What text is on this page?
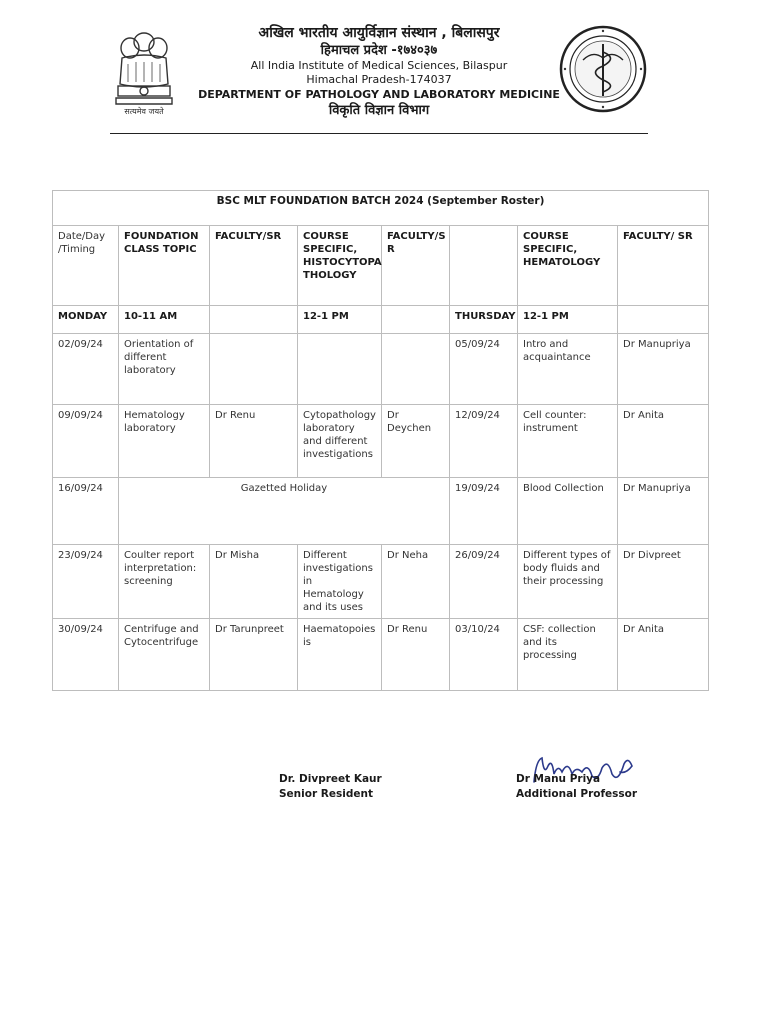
सत्यमेव जयते
अखिल भारतीय आयुर्विज्ञान संस्थान , बिलासपुर
हिमाचल प्रदेश -१७४०३७
All India Institute of Medical Sciences, Bilaspur
Himachal Pradesh-174037
DEPARTMENT OF PATHOLOGY AND LABORATORY MEDICINE
विकृति विज्ञान विभाग
BSC MLT FOUNDATION BATCH 2024 (September Roster)							
Date/Day /Timing	FOUNDATION CLASS TOPIC	FACULTY/SR	COURSE SPECIFIC, HISTOCYTOPA THOLOGY	FACULTY/S R		COURSE SPECIFIC, HEMATOLOGY	FACULTY/ SR
MONDAY	10-11 AM		12-1 PM		THURSDAY	12-1 PM	
02/09/24	Orientation of different laboratory				05/09/24	Intro and acquaintance	Dr Manupriya
09/09/24	Hematology laboratory	Dr Renu	Cytopathology laboratory and different investigations	Dr Deychen	12/09/24	Cell counter: instrument	Dr Anita
16/09/24	Gazetted Holiday				19/09/24	Blood Collection	Dr Manupriya
23/09/24	Coulter report interpretation: screening	Dr Misha	Different investigations in Hematology and its uses	Dr Neha	26/09/24	Different types of body fluids and their processing	Dr Divpreet
30/09/24	Centrifuge and Cytocentrifuge	Dr Tarunpreet	Haematopoies is	Dr Renu	03/10/24	CSF: collection and its processing	Dr Anita
Dr. Divpreet Kaur
Senior Resident
Dr Manu Priya
Additional Professor
